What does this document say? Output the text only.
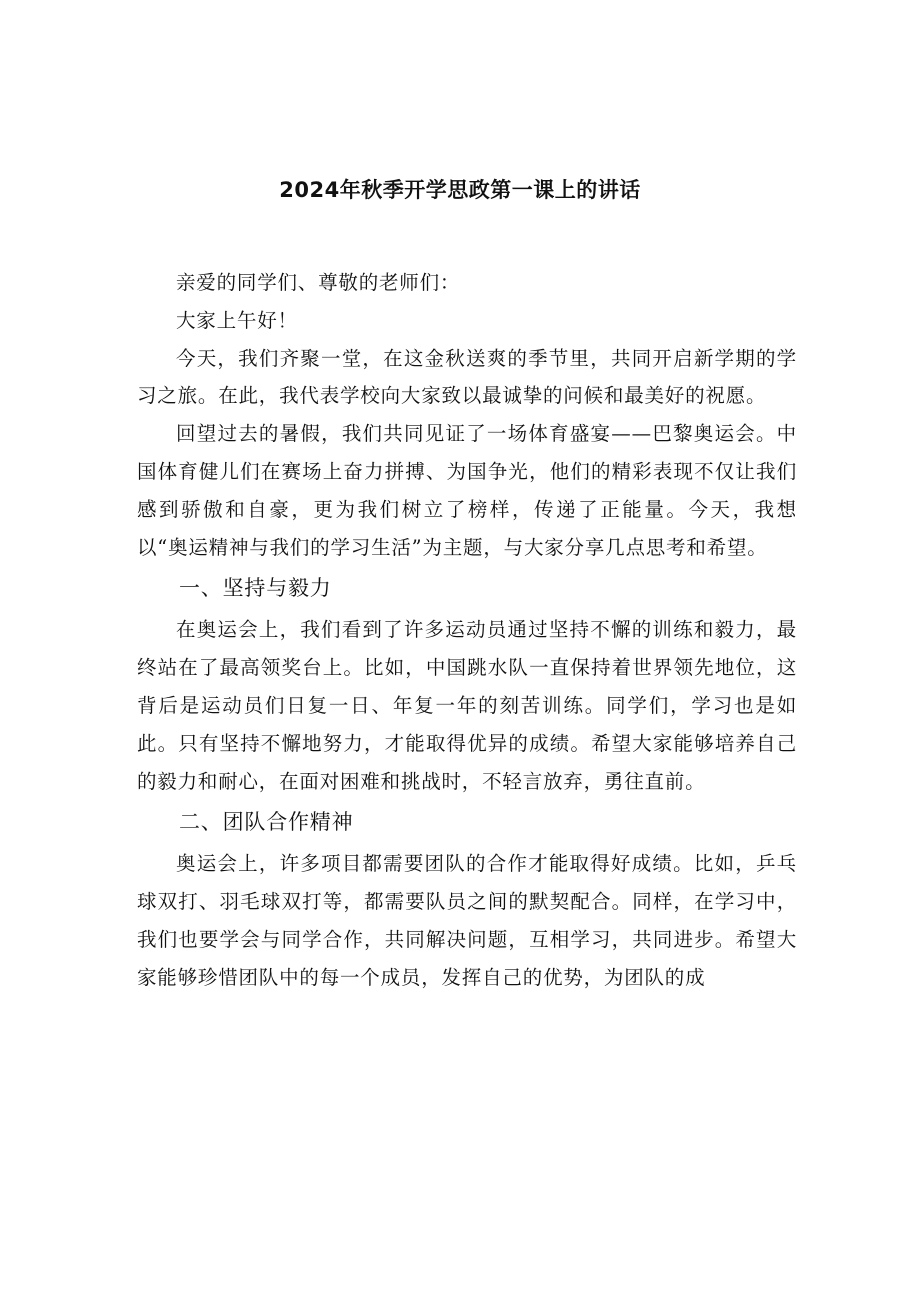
2024年秋季开学思政第一课上的讲话

亲爱的同学们、尊敬的老师们：

大家上午好！

今天，我们齐聚一堂，在这金秋送爽的季节里，共同开启新学期的学习之旅。在此，我代表学校向大家致以最诚挚的问候和最美好的祝愿。

回望过去的暑假，我们共同见证了一场体育盛宴——巴黎奥运会。中国体育健儿们在赛场上奋力拼搏、为国争光，他们的精彩表现不仅让我们感到骄傲和自豪，更为我们树立了榜样，传递了正能量。今天，我想以“奥运精神与我们的学习生活”为主题，与大家分享几点思考和希望。

一、坚持与毅力

在奥运会上，我们看到了许多运动员通过坚持不懈的训练和毅力，最终站在了最高领奖台上。比如，中国跳水队一直保持着世界领先地位，这背后是运动员们日复一日、年复一年的刻苦训练。同学们，学习也是如此。只有坚持不懈地努力，才能取得优异的成绩。希望大家能够培养自己的毅力和耐心，在面对困难和挑战时，不轻言放弃，勇往直前。

二、团队合作精神

奥运会上，许多项目都需要团队的合作才能取得好成绩。比如，乒乓球双打、羽毛球双打等，都需要队员之间的默契配合。同样，在学习中，我们也要学会与同学合作，共同解决问题，互相学习，共同进步。希望大家能够珍惜团队中的每一个成员，发挥自己的优势，为团队的成
